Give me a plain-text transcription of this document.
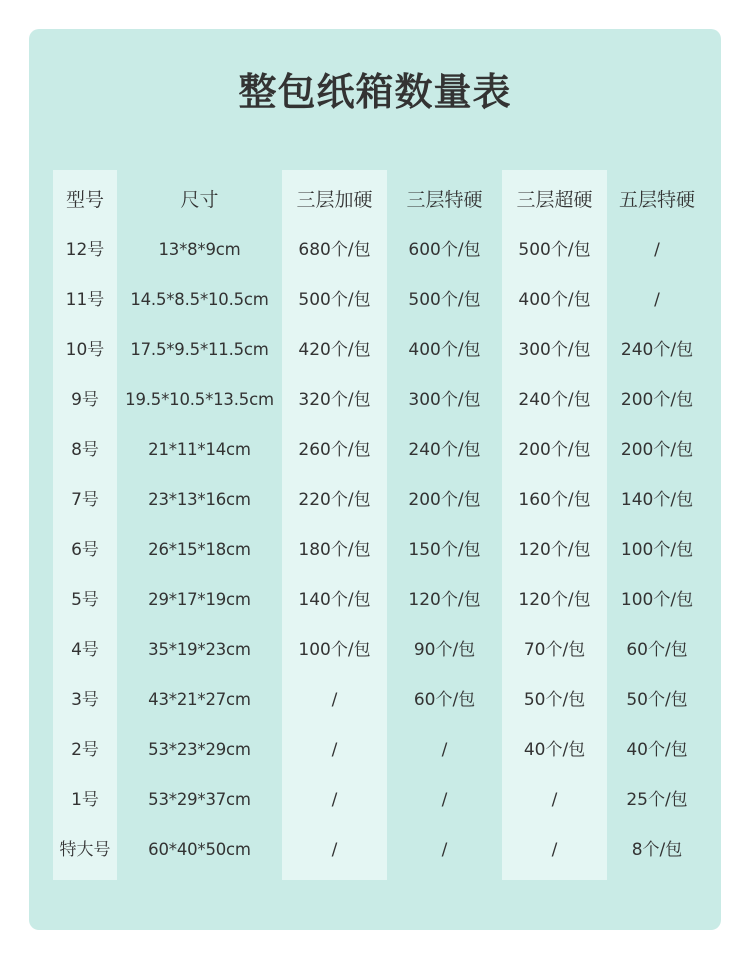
整包纸箱数量表
型号	尺寸	三层加硬	三层特硬	三层超硬	五层特硬
12号	13*8*9cm	680个/包	600个/包	500个/包	/
11号	14.5*8.5*10.5cm	500个/包	500个/包	400个/包	/
10号	17.5*9.5*11.5cm	420个/包	400个/包	300个/包	240个/包
9号	19.5*10.5*13.5cm	320个/包	300个/包	240个/包	200个/包
8号	21*11*14cm	260个/包	240个/包	200个/包	200个/包
7号	23*13*16cm	220个/包	200个/包	160个/包	140个/包
6号	26*15*18cm	180个/包	150个/包	120个/包	100个/包
5号	29*17*19cm	140个/包	120个/包	120个/包	100个/包
4号	35*19*23cm	100个/包	90个/包	70个/包	60个/包
3号	43*21*27cm	/	60个/包	50个/包	50个/包
2号	53*23*29cm	/	/	40个/包	40个/包
1号	53*29*37cm	/	/	/	25个/包
特大号	60*40*50cm	/	/	/	8个/包
